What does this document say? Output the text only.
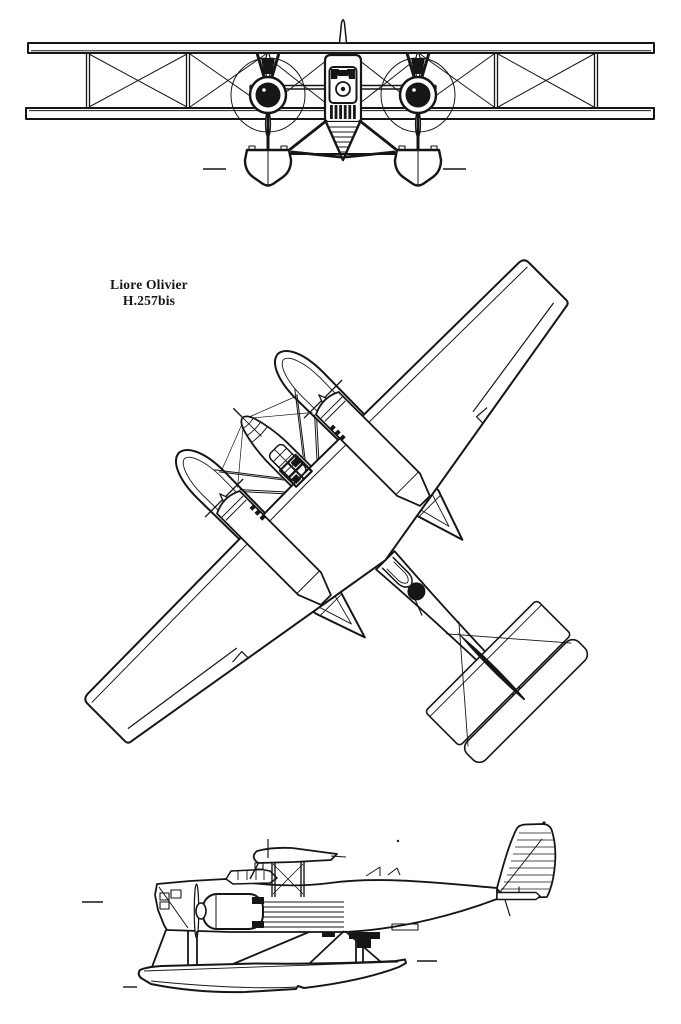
Liore Olivier
H.257bis
